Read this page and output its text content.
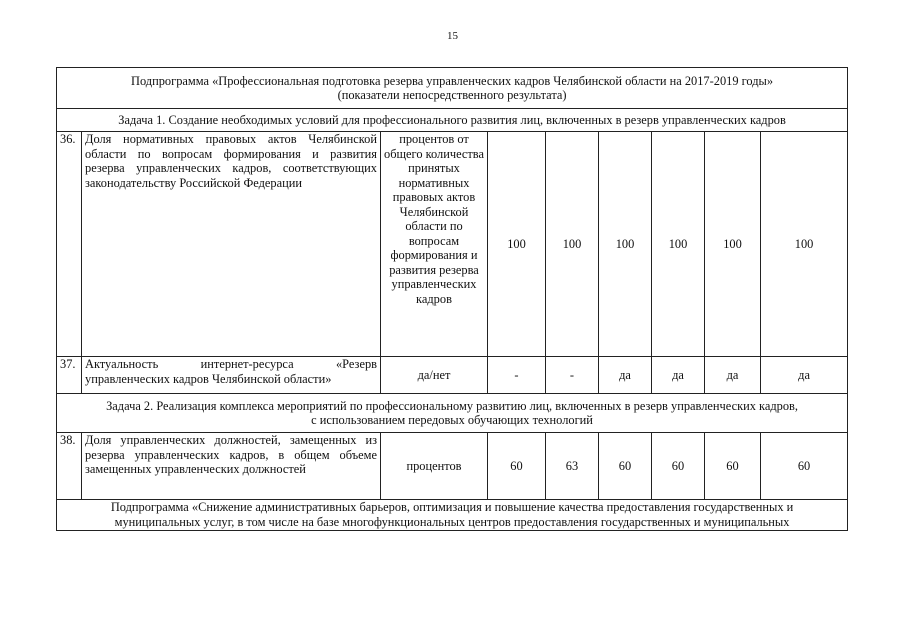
15
Подпрограмма «Профессиональная подготовка резерва управленческих кадров Челябинской области на 2017-2019 годы»
(показатели непосредственного результата)								

Задача 1. Создание необходимых условий для профессионального развития лиц, включенных в резерв управленческих кадров								
36.	Доля нормативных правовых актов Челябинской области по вопросам формирования и развития резерва управленческих кадров, соответствующих законодательству Российской Федерации	процентов от общего количества принятых нормативных правовых актов Челябинской области по вопросам формирования и развития резерва управленческих кадров	100	100	100	100	100	100
37.	Актуальность интернет-ресурса «Резерв управленческих кадров Челябинской области»	да/нет	-	-	да	да	да	да

Задача 2. Реализация комплекса мероприятий по профессиональному развитию лиц, включенных в резерв управленческих кадров,
с использованием передовых обучающих технологий								

38.	Доля управленческих должностей, замещенных из резерва управленческих кадров, в общем объеме замещенных управленческих должностей	процентов	60	63	60	60	60	60

Подпрограмма «Снижение административных барьеров, оптимизация и повышение качества предоставления государственных и
муниципальных услуг, в том числе на базе многофункциональных центров предоставления государственных и муниципальных								
